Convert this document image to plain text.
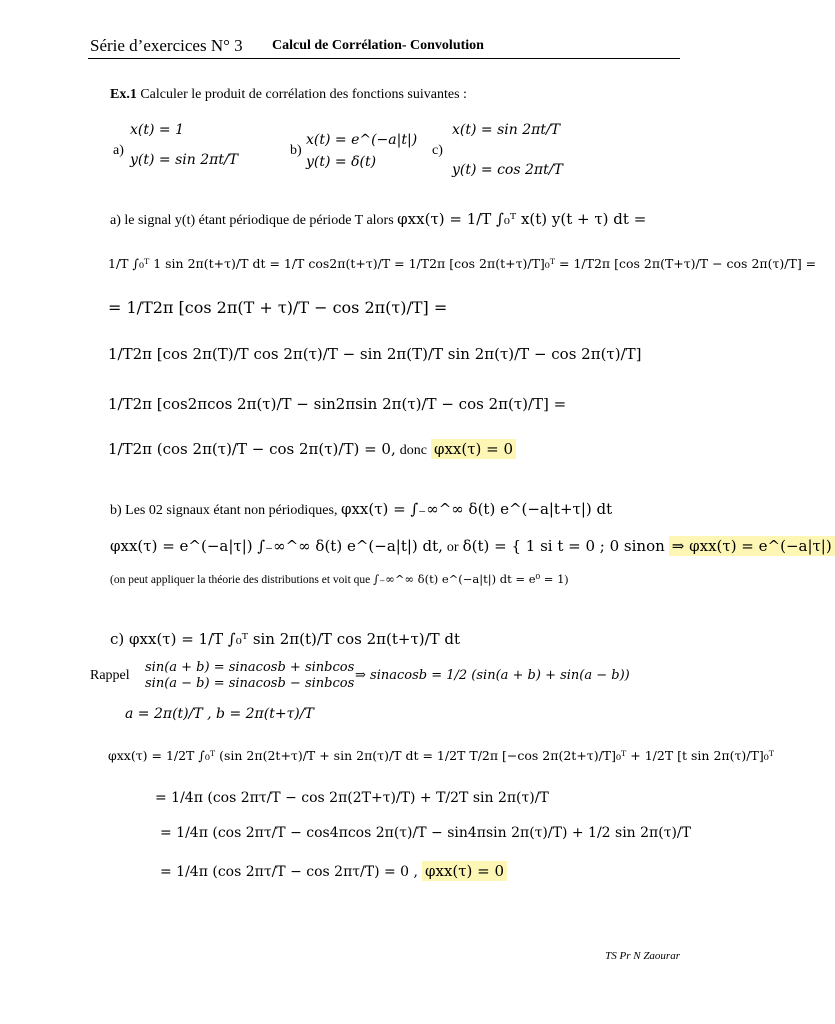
Série d’exercices N° 3 Calcul de Corrélation- Convolution
Ex.1 Calculer le produit de corrélation des fonctions suivantes :
x(t) = 1
a)
y(t) = sin 2πt/T
x(t) = e^(−a|t|)
b)
y(t) = δ(t)
x(t) = sin 2πt/T
c)
y(t) = cos 2πt/T
a) le signal y(t) étant périodique de période T alors φxx(τ) = 1/T ∫₀ᵀ x(t) y(t + τ) dt =
1/T ∫₀ᵀ 1 sin 2π(t+τ)/T dt = 1/T cos2π(t+τ)/T = 1/T2π [cos 2π(t+τ)/T]₀ᵀ = 1/T2π [cos 2π(T+τ)/T − cos 2π(τ)/T] =
= 1/T2π [cos 2π(T + τ)/T − cos 2π(τ)/T] =
1/T2π [cos 2π(T)/T cos 2π(τ)/T − sin 2π(T)/T sin 2π(τ)/T − cos 2π(τ)/T]
1/T2π [cos2πcos 2π(τ)/T − sin2πsin 2π(τ)/T − cos 2π(τ)/T] =
1/T2π (cos 2π(τ)/T − cos 2π(τ)/T) = 0, donc φxx(τ) = 0
b) Les 02 signaux étant non périodiques, φxx(τ) = ∫₋∞^∞ δ(t) e^(−a|t+τ|) dt
φxx(τ) = e^(−a|τ|) ∫₋∞^∞ δ(t) e^(−a|t|) dt, or δ(t) = { 1 si t = 0 ; 0 sinon ⇒ φxx(τ) = e^(−a|τ|)
(on peut appliquer la théorie des distributions et voit que ∫₋∞^∞ δ(t) e^(−a|t|) dt = e⁰ = 1)
c) φxx(τ) = 1/T ∫₀ᵀ sin 2π(t)/T cos 2π(t+τ)/T dt
Rappel
sin(a + b) = sinacosb + sinbcos
sin(a − b) = sinacosb − sinbcos
⇒ sinacosb = 1/2 (sin(a + b) + sin(a − b))
a = 2π(t)/T , b = 2π(t+τ)/T
φxx(τ) = 1/2T ∫₀ᵀ (sin 2π(2t+τ)/T + sin 2π(τ)/T dt = 1/2T T/2π [−cos 2π(2t+τ)/T]₀ᵀ + 1/2T [t sin 2π(τ)/T]₀ᵀ
= 1/4π (cos 2πτ/T − cos 2π(2T+τ)/T) + T/2T sin 2π(τ)/T
= 1/4π (cos 2πτ/T − cos4πcos 2π(τ)/T − sin4πsin 2π(τ)/T) + 1/2 sin 2π(τ)/T
= 1/4π (cos 2πτ/T − cos 2πτ/T) = 0 , φxx(τ) = 0
TS Pr N Zaourar
